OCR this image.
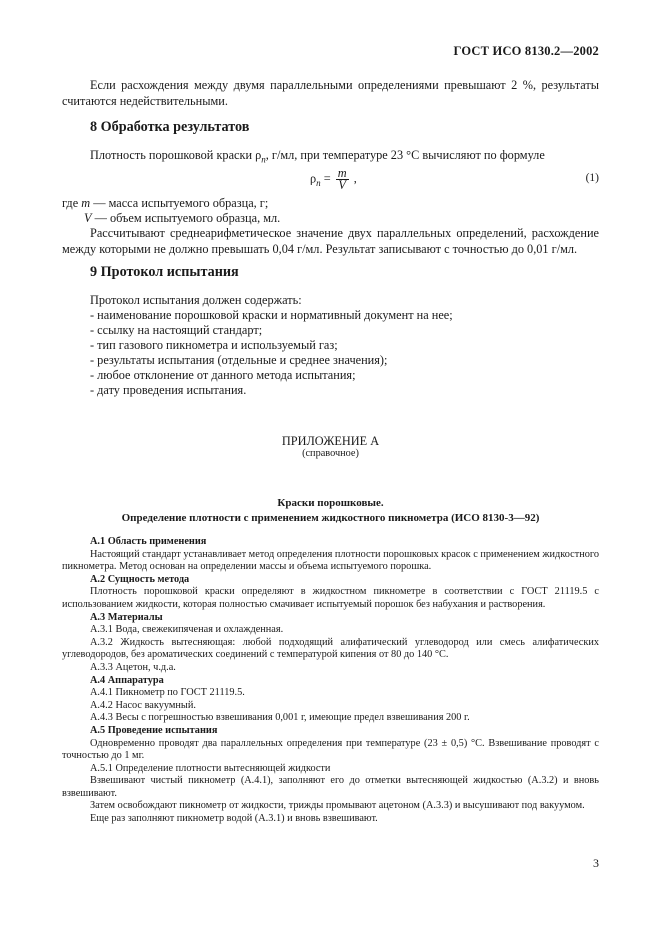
ГОСТ ИСО 8130.2—2002
Если расхождения между двумя параллельными определениями превышают 2 %, результаты считаются недействительными.
8 Обработка результатов
Плотность порошковой краски $\rho_п$, г/мл, при температуре 23 °С вычисляют по формуле
$\rho_п = \frac{m}{V}$ ,	(1)
где m — масса испытуемого образца, г;
V — объем испытуемого образца, мл.
Рассчитывают среднеарифметическое значение двух параллельных определений, расхождение между которыми не должно превышать 0,04 г/мл. Результат записывают с точностью до 0,01 г/мл.
9 Протокол испытания
Протокол испытания должен содержать:
- наименование порошковой краски и нормативный документ на нее;
- ссылку на настоящий стандарт;
- тип газового пикнометра и используемый газ;
- результаты испытания (отдельные и среднее значения);
- любое отклонение от данного метода испытания;
- дату проведения испытания.
ПРИЛОЖЕНИЕ А
(справочное)
Краски порошковые.
Определение плотности с применением жидкостного пикнометра (ИСО 8130-3—92)
А.1 Область применения
Настоящий стандарт устанавливает метод определения плотности порошковых красок с применением жидкостного пикнометра. Метод основан на определении массы и объема испытуемого порошка.
А.2 Сущность метода
Плотность порошковой краски определяют в жидкостном пикнометре в соответствии с ГОСТ 21119.5 с использованием жидкости, которая полностью смачивает испытуемый порошок без набухания и растворения.
А.3 Материалы
А.3.1 Вода, свежекипяченая и охлажденная.
А.3.2 Жидкость вытесняющая: любой подходящий алифатический углеводород или смесь алифатических углеводородов, без ароматических соединений с температурой кипения от 80 до 140 °С.
А.3.3 Ацетон, ч.д.а.
А.4 Аппаратура
А.4.1 Пикнометр по ГОСТ 21119.5.
А.4.2 Насос вакуумный.
А.4.3 Весы с погрешностью взвешивания 0,001 г, имеющие предел взвешивания 200 г.
А.5 Проведение испытания
Одновременно проводят два параллельных определения при температуре (23 ± 0,5) °С. Взвешивание проводят с точностью до 1 мг.
А.5.1 Определение плотности вытесняющей жидкости
Взвешивают чистый пикнометр (А.4.1), заполняют его до отметки вытесняющей жидкостью (А.3.2) и вновь взвешивают.
Затем освобождают пикнометр от жидкости, трижды промывают ацетоном (А.3.3) и высушивают под вакуумом.
Еще раз заполняют пикнометр водой (А.3.1) и вновь взвешивают.
3
